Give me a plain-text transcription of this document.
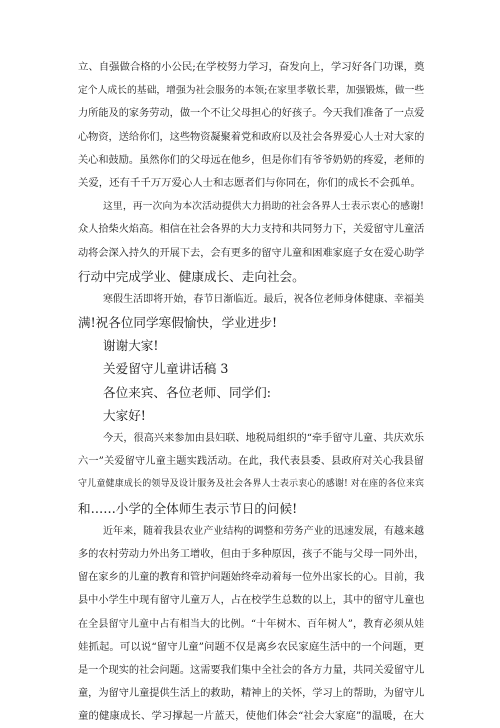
立、自强做合格的小公民;在学校努力学习，奋发向上，学习好各门功课，奠

定个人成长的基础，增强为社会服务的本领;在家里孝敬长辈，加强锻炼，做一些

力所能及的家务劳动，做一个不让父母担心的好孩子。今天我们准备了一点爱

心物资，送给你们，这些物资凝聚着党和政府以及社会各界爱心人士对大家的

关心和鼓励。虽然你们的父母远在他乡，但是你们有爷爷奶奶的疼爱，老师的

关爱，还有千千万万爱心人士和志愿者们与你同在，你们的成长不会孤单。

这里，再一次向为本次活动提供大力捐助的社会各界人士表示衷心的感谢!

众人拾柴火焰高。相信在社会各界的大力支持和共同努力下，关爱留守儿童活

动将会深入持久的开展下去，会有更多的留守儿童和困难家庭子女在爱心助学

行动中完成学业、健康成长、走向社会。

寒假生活即将开始，春节日渐临近。最后，祝各位老师身体健康、幸福美

满!祝各位同学寒假愉快，学业进步!

谢谢大家!

关爱留守儿童讲话稿 3

各位来宾、各位老师、同学们:

大家好!

今天，很高兴来参加由县妇联、地税局组织的“牵手留守儿童、共庆欢乐

六一”关爱留守儿童主题实践活动。在此，我代表县委、县政府对关心我县留

守儿童健康成长的领导及设计服务及社会各界人士表示衷心的感谢! 对在座的各位来宾

和……小学的全体师生表示节日的问候!

近年来，随着我县农业产业结构的调整和劳务产业的迅速发展，有越来越

多的农村劳动力外出务工增收，但由于多种原因，孩子不能与父母一同外出，

留在家乡的儿童的教育和管护问题始终牵动着每一位外出家长的心。目前，我

县中小学生中现有留守儿童万人，占在校学生总数的以上，其中的留守儿童也

在全县留守儿童中占有相当大的比例。“十年树木、百年树人”，教育必须从娃

娃抓起。可以说“留守儿童”问题不仅是离乡农民家庭生活中的一个问题，更

是一个现实的社会问题。这需要我们集中全社会的各方力量，共同关爱留守儿

童，为留守儿童提供生活上的救助，精神上的关怀，学习上的帮助，为留守儿

童的健康成长、学习撑起一片蓝天，使他们体会“社会大家庭”的温暖，在大
